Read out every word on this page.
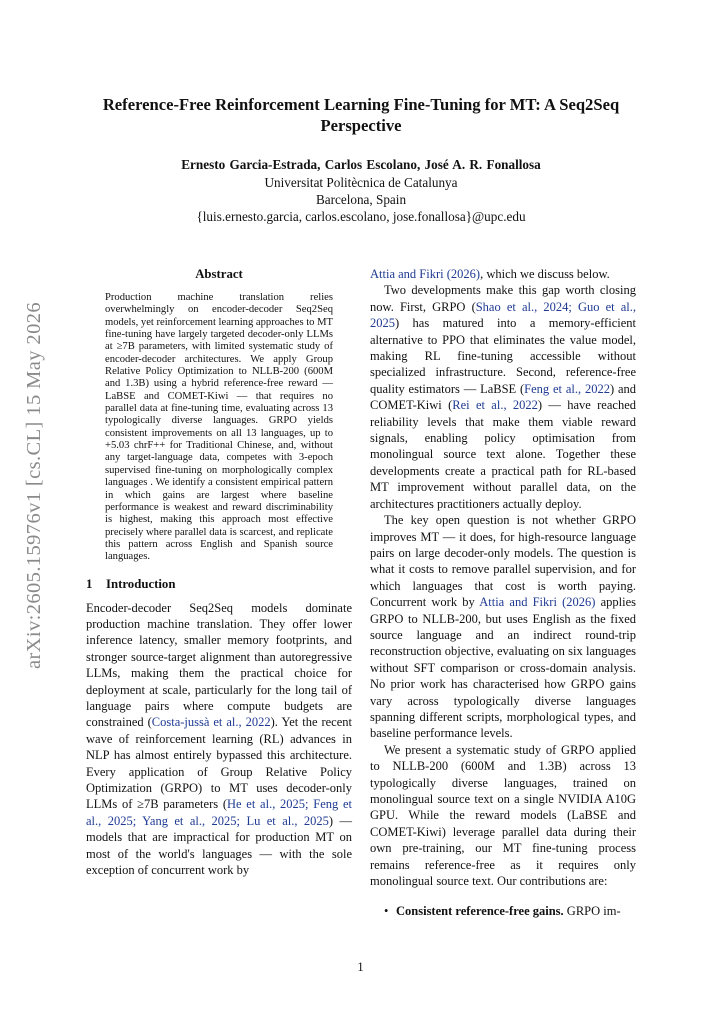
arXiv:2605.15976v1 [cs.CL] 15 May 2026
Reference-Free Reinforcement Learning Fine-Tuning for MT: A Seq2Seq
Perspective
Ernesto Garcia-Estrada, Carlos Escolano, José A. R. Fonallosa
Universitat Politècnica de Catalunya
Barcelona, Spain
{luis.ernesto.garcia, carlos.escolano, jose.fonallosa}@upc.edu
Abstract

Production machine translation relies overwhelmingly on encoder-decoder Seq2Seq models, yet reinforcement learning approaches to MT fine-tuning have largely targeted decoder-only LLMs at ≥7B parameters, with limited systematic study of encoder-decoder architectures. We apply Group Relative Policy Optimization to NLLB-200 (600M and 1.3B) using a hybrid reference-free reward — LaBSE and COMET-Kiwi — that requires no parallel data at fine-tuning time, evaluating across 13 typologically diverse languages. GRPO yields consistent improvements on all 13 languages, up to +5.03 chrF++ for Traditional Chinese, and, without any target-language data, competes with 3-epoch supervised fine-tuning on morphologically complex languages . We identify a consistent empirical pattern in which gains are largest where baseline performance is weakest and reward discriminability is highest, making this approach most effective precisely where parallel data is scarcest, and replicate this pattern across English and Spanish source languages.

1 Introduction

Encoder-decoder Seq2Seq models dominate production machine translation. They offer lower inference latency, smaller memory footprints, and stronger source-target alignment than autoregressive LLMs, making them the practical choice for deployment at scale, particularly for the long tail of language pairs where compute budgets are constrained (Costa-jussà et al., 2022). Yet the recent wave of reinforcement learning (RL) advances in NLP has almost entirely bypassed this architecture. Every application of Group Relative Policy Optimization (GRPO) to MT uses decoder-only LLMs of ≥7B parameters (He et al., 2025; Feng et al., 2025; Yang et al., 2025; Lu et al., 2025) — models that are impractical for production MT on most of the world's languages — with the sole exception of concurrent work by

Attia and Fikri (2026), which we discuss below.

Two developments make this gap worth closing now. First, GRPO (Shao et al., 2024; Guo et al., 2025) has matured into a memory-efficient alternative to PPO that eliminates the value model, making RL fine-tuning accessible without specialized infrastructure. Second, reference-free quality estimators — LaBSE (Feng et al., 2022) and COMET-Kiwi (Rei et al., 2022) — have reached reliability levels that make them viable reward signals, enabling policy optimisation from monolingual source text alone. Together these developments create a practical path for RL-based MT improvement without parallel data, on the architectures practitioners actually deploy.

The key open question is not whether GRPO improves MT — it does, for high-resource language pairs on large decoder-only models. The question is what it costs to remove parallel supervision, and for which languages that cost is worth paying. Concurrent work by Attia and Fikri (2026) applies GRPO to NLLB-200, but uses English as the fixed source language and an indirect round-trip reconstruction objective, evaluating on six languages without SFT comparison or cross-domain analysis. No prior work has characterised how GRPO gains vary across typologically diverse languages spanning different scripts, morphological types, and baseline performance levels.

We present a systematic study of GRPO applied to NLLB-200 (600M and 1.3B) across 13 typologically diverse languages, trained on monolingual source text on a single NVIDIA A10G GPU. While the reward models (LaBSE and COMET-Kiwi) leverage parallel data during their own pre-training, our MT fine-tuning process remains reference-free as it requires only monolingual source text. Our contributions are:

• Consistent reference-free gains. GRPO im-
1
